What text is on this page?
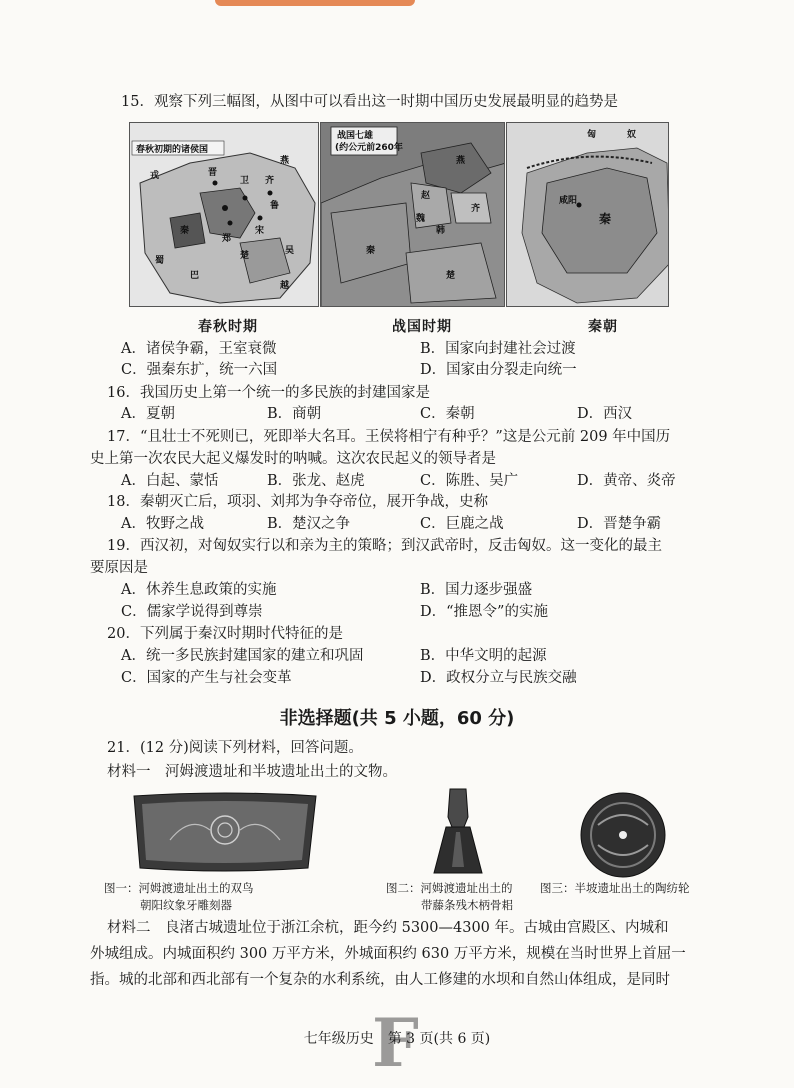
15．观察下列三幅图，从图中可以看出这一时期中国历史发展最明显的趋势是
春秋初期的诸侯国
晋
齐
鲁
秦
楚	吴
越
戎
巴
蜀
燕
卫
宋
郑
战国七雄
(约公元前260年
燕
赵
齐
魏
韩
秦
楚
匈	奴
秦
咸阳
春秋时期	战国时期	秦朝
A．诸侯争霸，王室衰微	B．国家向封建社会过渡
C．强秦东扩，统一六国	D．国家由分裂走向统一
16．我国历史上第一个统一的多民族的封建国家是
A．夏朝	B．商朝	C．秦朝	D．西汉
17．“且壮士不死则已，死即举大名耳。王侯将相宁有种乎？”这是公元前 209 年中国历
史上第一次农民大起义爆发时的呐喊。这次农民起义的领导者是
A．白起、蒙恬	B．张龙、赵虎	C．陈胜、吴广	D．黄帝、炎帝
18．秦朝灭亡后，项羽、刘邦为争夺帝位，展开争战，史称
A．牧野之战	B．楚汉之争	C．巨鹿之战	D．晋楚争霸
19．西汉初，对匈奴实行以和亲为主的策略；到汉武帝时，反击匈奴。这一变化的最主
要原因是
A．休养生息政策的实施	B．国力逐步强盛
C．儒家学说得到尊崇	D．“推恩令”的实施
20．下列属于秦汉时期时代特征的是
A．统一多民族封建国家的建立和巩固	B．中华文明的起源
C．国家的产生与社会变革	D．政权分立与民族交融
非选择题(共 5 小题，60 分)
21．(12 分)阅读下列材料，回答问题。
材料一　河姆渡遗址和半坡遗址出土的文物。
图一：河姆渡遗址出土的双鸟
朝阳纹象牙雕刻器
图二：河姆渡遗址出土的
带藤条残木柄骨耜
图三：半坡遗址出土的陶纺轮
材料二　良渚古城遗址位于浙江余杭，距今约 5300—4300 年。古城由宫殿区、内城和
外城组成。内城面积约 300 万平方米，外城面积约 630 万平方米，规模在当时世界上首屈一
指。城的北部和西北部有一个复杂的水利系统，由人工修建的水坝和自然山体组成，是同时
F
七年级历史　第 3 页(共 6 页)
